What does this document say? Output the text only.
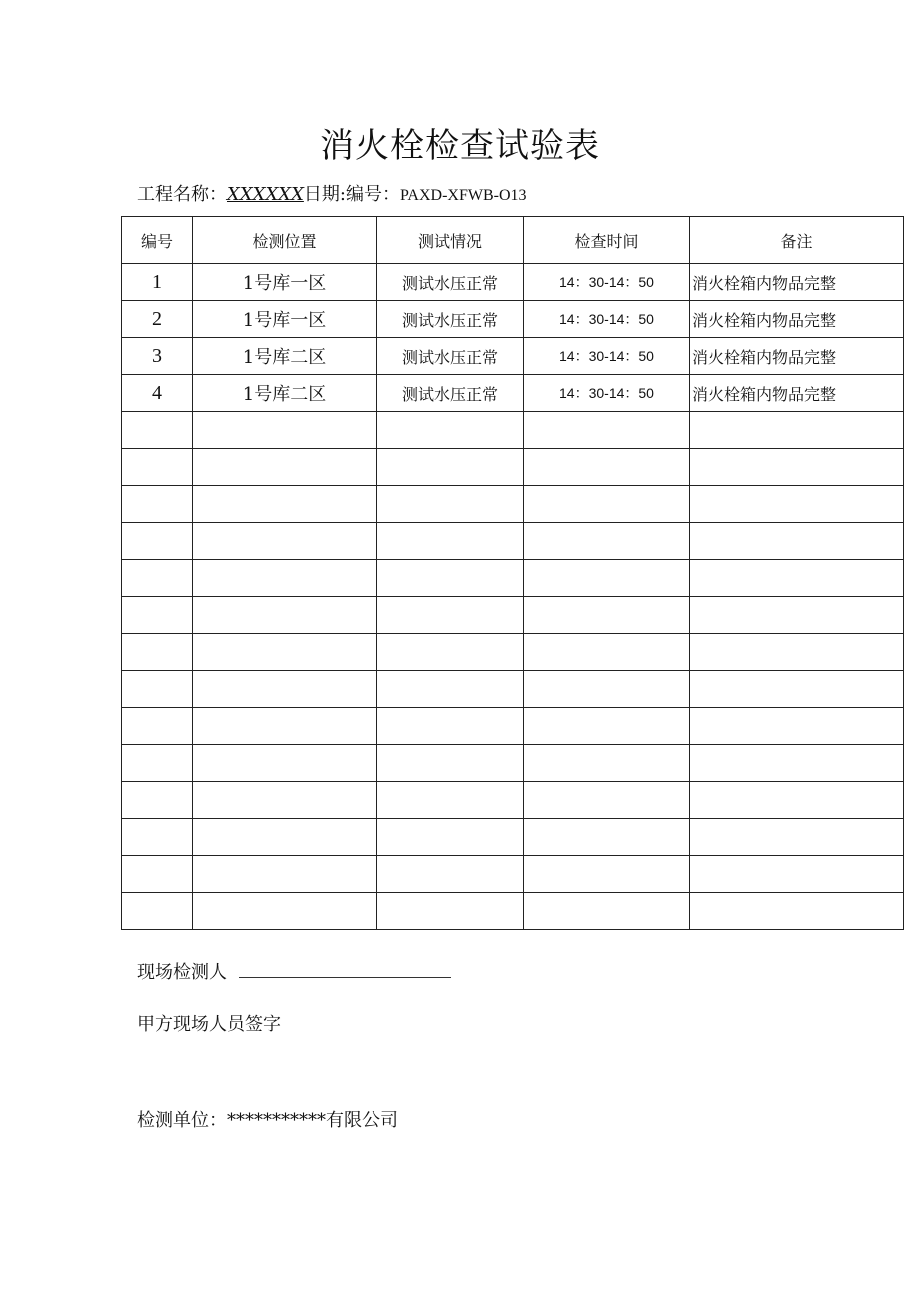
消火栓检查试验表
工程名称：XXXXXX日期:编号：PAXD-XFWB-O13
编号	检测位置	测试情况	检查时间	备注
1	1号库一区	测试水压正常	14：30-14：50	消火栓箱内物品完整
2	1号库一区	测试水压正常	14：30-14：50	消火栓箱内物品完整
3	1号库二区	测试水压正常	14：30-14：50	消火栓箱内物品完整
4	1号库二区	测试水压正常	14：30-14：50	消火栓箱内物品完整

现场检测人
甲方现场人员签字
检测单位：***********有限公司
